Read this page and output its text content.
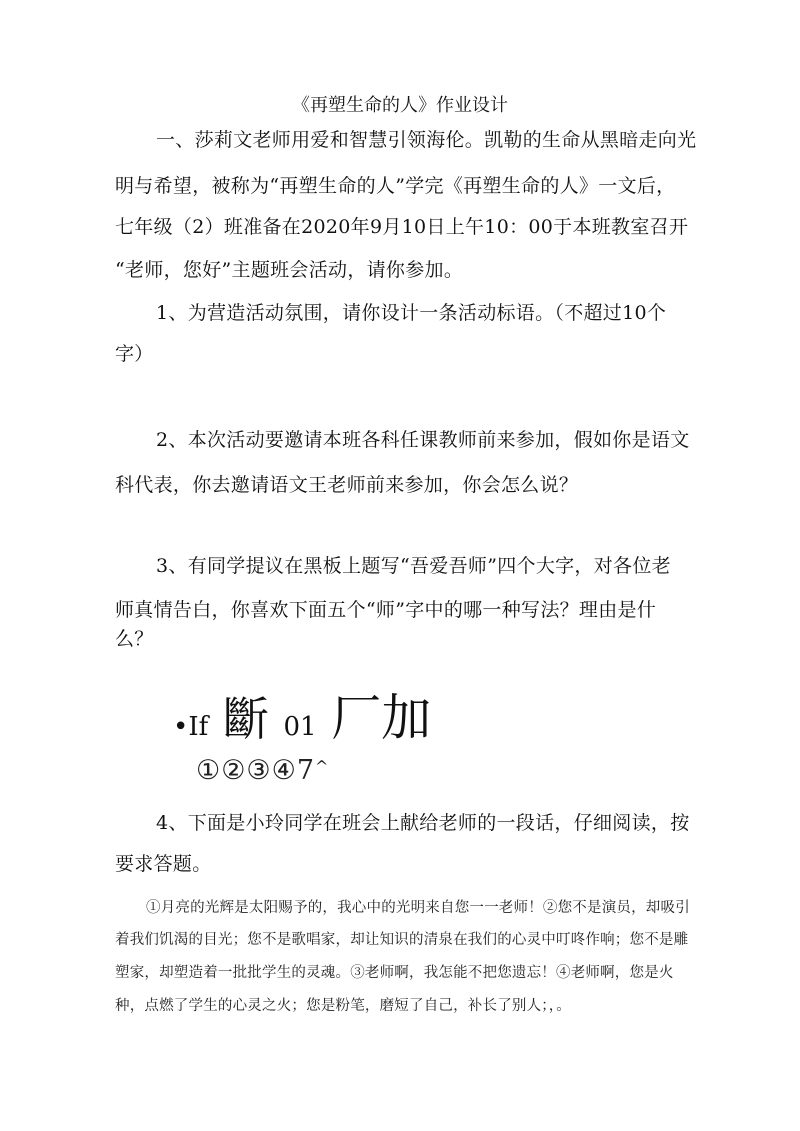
《再塑生命的人》作业设计

一、莎莉文老师用爱和智慧引领海伦。凯勒的生命从黑暗走向光

明与希望，被称为“再塑生命的人”学完《再塑生命的人》一文后，

七年级（2）班准备在2020年9月10日上午10：00于本班教室召开

“老师，您好”主题班会活动，请你参加。

1、为营造活动氛围，请你设计一条活动标语。（不超过10个

字）

2、本次活动要邀请本班各科任课教师前来参加，假如你是语文

科代表，你去邀请语文王老师前来参加，你会怎么说？

3、有同学提议在黑板上题写“吾爱吾师”四个大字，对各位老

师真情告白，你喜欢下面五个“师”字中的哪一种写法？理由是什

么？

•If 斷 01 厂加
①②③④7^

4、下面是小玲同学在班会上献给老师的一段话，仔细阅读，按

要求答题。

①月亮的光辉是太阳赐予的，我心中的光明来自您一一老师！②您不是演员，却吸引

着我们饥渴的目光；您不是歌唱家，却让知识的清泉在我们的心灵中叮咚作响；您不是雕

塑家，却塑造着一批批学生的灵魂。③老师啊，我怎能不把您遗忘！④老师啊，您是火

种，点燃了学生的心灵之火；您是粉笔，磨短了自己，补长了别人；，。
